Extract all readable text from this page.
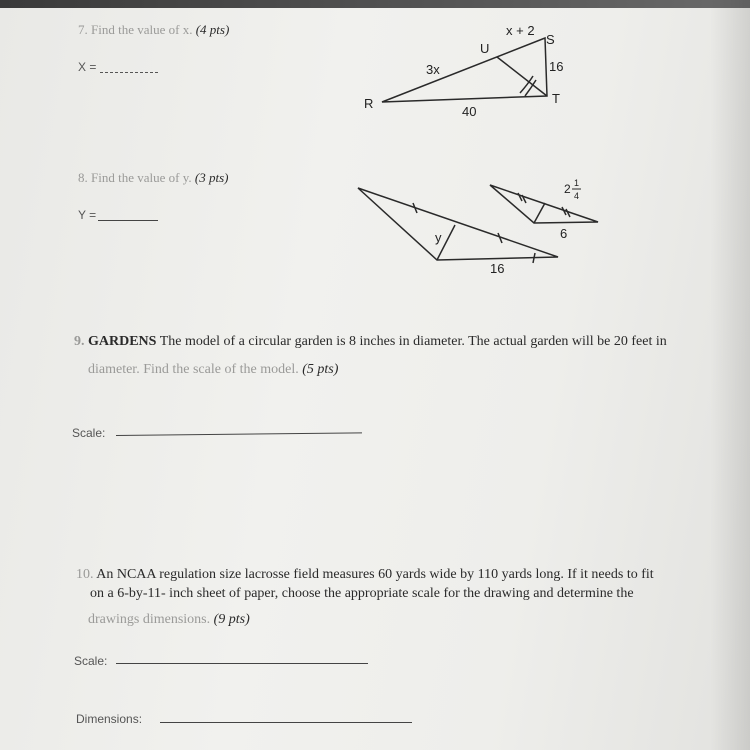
7. Find the value of x. (4 pts)
X =
8. Find the value of y. (3 pts)
Y =
9. GARDENS The model of a circular garden is 8 inches in diameter. The actual garden will be 20 feet in
diameter. Find the scale of the model. (5 pts)
Scale:
10. An NCAA regulation size lacrosse field measures 60 yards wide by 110 yards long. If it needs to fit
on a 6-by-11- inch sheet of paper, choose the appropriate scale for the drawing and determine the
drawings dimensions. (9 pts)
Scale:
Dimensions:
x + 2
U
S
R	T
3x	16
40
y
16
2 1
4
6
